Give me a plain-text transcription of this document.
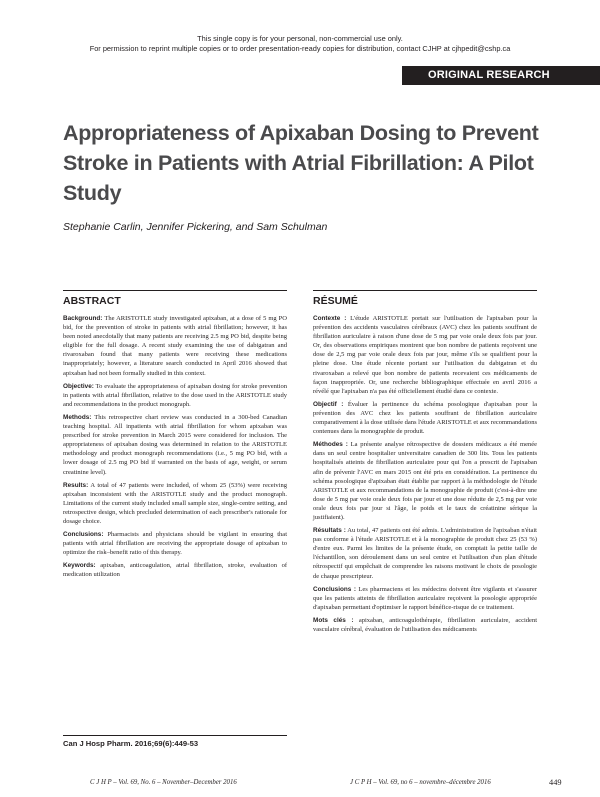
This single copy is for your personal, non-commercial use only.
For permission to reprint multiple copies or to order presentation-ready copies for distribution, contact CJHP at cjhpedit@cshp.ca
ORIGINAL RESEARCH
Appropriateness of Apixaban Dosing to Prevent Stroke in Patients with Atrial Fibrillation: A Pilot Study
Stephanie Carlin, Jennifer Pickering, and Sam Schulman
ABSTRACT

Background: The ARISTOTLE study investigated apixaban, at a dose of 5 mg PO bid, for the prevention of stroke in patients with atrial fibrillation; however, it has been noted anecdotally that many patients are receiving 2.5 mg PO bid, despite being eligible for the full dosage. A recent study examining the use of dabigatran and rivaroxaban found that many patients were receiving these medications inappropriately; however, a literature search conducted in April 2016 showed that apixaban had not been formally studied in this context.

Objective: To evaluate the appropriateness of apixaban dosing for stroke prevention in patients with atrial fibrillation, relative to the dose used in the ARISTOTLE study and recommendations in the product monograph.

Methods: This retrospective chart review was conducted in a 300-bed Canadian teaching hospital. All inpatients with atrial fibrillation for whom apixaban was prescribed for stroke prevention in March 2015 were considered for inclusion. The appropriateness of apixaban dosing was determined in relation to the ARISTOTLE methodology and product monograph recommendations (i.e., 5 mg PO bid, with a lower dosage of 2.5 mg PO bid if warranted on the basis of age, weight, or serum creatinine level).

Results: A total of 47 patients were included, of whom 25 (53%) were receiving apixaban inconsistent with the ARISTOTLE study and the product monograph. Limitations of the current study included small sample size, single-centre setting, and retrospective design, which precluded determination of each prescriber's rationale for dosage choice.

Conclusions: Pharmacists and physicians should be vigilant in ensuring that patients with atrial fibrillation are receiving the appropriate dosage of apixaban to optimize the risk–benefit ratio of this therapy.

Keywords: apixaban, anticoagulation, atrial fibrillation, stroke, evaluation of medication utilization

Can J Hosp Pharm. 2016;69(6):449-53
RÉSUMÉ

Contexte : L'étude ARISTOTLE portait sur l'utilisation de l'apixaban pour la prévention des accidents vasculaires cérébraux (AVC) chez les patients souffrant de fibrillation auriculaire à raison d'une dose de 5 mg par voie orale deux fois par jour. Or, des observations empiriques montrent que bon nombre de patients reçoivent une dose de 2,5 mg par voie orale deux fois par jour, même s'ils se qualifient pour la pleine dose. Une étude récente portant sur l'utilisation du dabigatran et du rivaroxaban a relevé que bon nombre de patients recevaient ces médicaments de façon inappropriée. Or, une recherche bibliographique effectuée en avril 2016 a révélé que l'apixaban n'a pas été officiellement étudié dans ce contexte.

Objectif : Évaluer la pertinence du schéma posologique d'apixaban pour la prévention des AVC chez les patients souffrant de fibrillation auriculaire comparativement à la dose utilisée dans l'étude ARISTOTLE et aux recommandations contenues dans la monographie de produit.

Méthodes : La présente analyse rétrospective de dossiers médicaux a été menée dans un seul centre hospitalier universitaire canadien de 300 lits. Tous les patients hospitalisés atteints de fibrillation auriculaire pour qui l'on a prescrit de l'apixaban afin de prévenir l'AVC en mars 2015 ont été pris en considération. La pertinence du schéma posologique d'apixaban était établie par rapport à la méthodologie de l'étude ARISTOTLE et aux recommandations de la monographie de produit (c'est-à-dire une dose de 5 mg par voie orale deux fois par jour et une dose réduite de 2,5 mg par voie orale deux fois par jour si l'âge, le poids et le taux de créatinine sérique la justifiaient).

Résultats : Au total, 47 patients ont été admis. L'administration de l'apixaban n'était pas conforme à l'étude ARISTOTLE et à la monographie de produit chez 25 (53 %) d'entre eux. Parmi les limites de la présente étude, on comptait la petite taille de l'échantillon, son déroulement dans un seul centre et l'utilisation d'un plan d'étude rétrospectif qui empêchait de comprendre les raisons motivant le choix de posologie de chaque prescripteur.

Conclusions : Les pharmaciens et les médecins doivent être vigilants et s'assurer que les patients atteints de fibrillation auriculaire reçoivent la posologie appropriée d'apixaban permettant d'optimiser le rapport bénéfice-risque de ce traitement.

Mots clés : apixaban, anticoagulothérapie, fibrillation auriculaire, accident vasculaire cérébral, évaluation de l'utilisation des médicaments

C J H P – Vol. 69, No. 6 – November–December 2016	J C P H – Vol. 69, no 6 – novembre–décembre 2016	449
